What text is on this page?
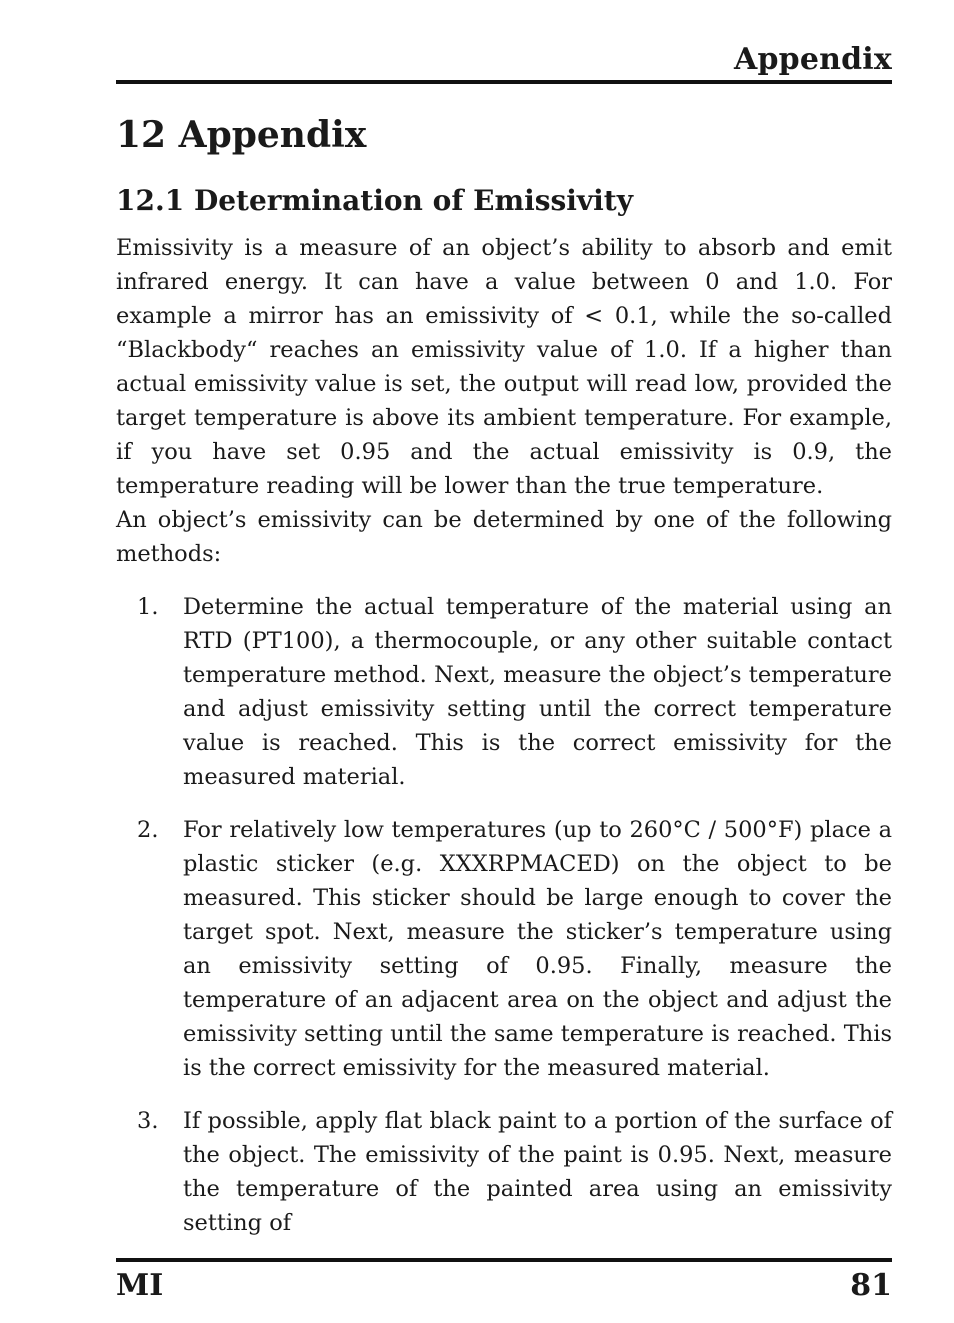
Appendix
12 Appendix
12.1 Determination of Emissivity

Emissivity is a measure of an object’s ability to absorb and emit infrared energy. It can have a value between 0 and 1.0. For example a mirror has an emissivity of < 0.1, while the so-called “Blackbody“ reaches an emissivity value of 1.0. If a higher than actual emissivity value is set, the output will read low, provided the target temperature is above its ambient temperature. For example, if you have set 0.95 and the actual emissivity is 0.9, the temperature reading will be lower than the true temperature.

An object’s emissivity can be determined by one of the following methods:

1. Determine the actual temperature of the material using an RTD (PT100), a thermocouple, or any other suitable contact temperature method. Next, measure the object’s temperature and adjust emissivity setting until the correct temperature value is reached. This is the correct emissivity for the measured material.
2. For relatively low temperatures (up to 260°C / 500°F) place a plastic sticker (e.g. XXXRPMACED) on the object to be measured. This sticker should be large enough to cover the target spot. Next, measure the sticker’s temperature using an emissivity setting of 0.95. Finally, measure the temperature of an adjacent area on the object and adjust the emissivity setting until the same temperature is reached. This is the correct emissivity for the measured material.
3. If possible, apply flat black paint to a portion of the surface of the object. The emissivity of the paint is 0.95. Next, measure the temperature of the painted area using an emissivity setting of
MI	81
